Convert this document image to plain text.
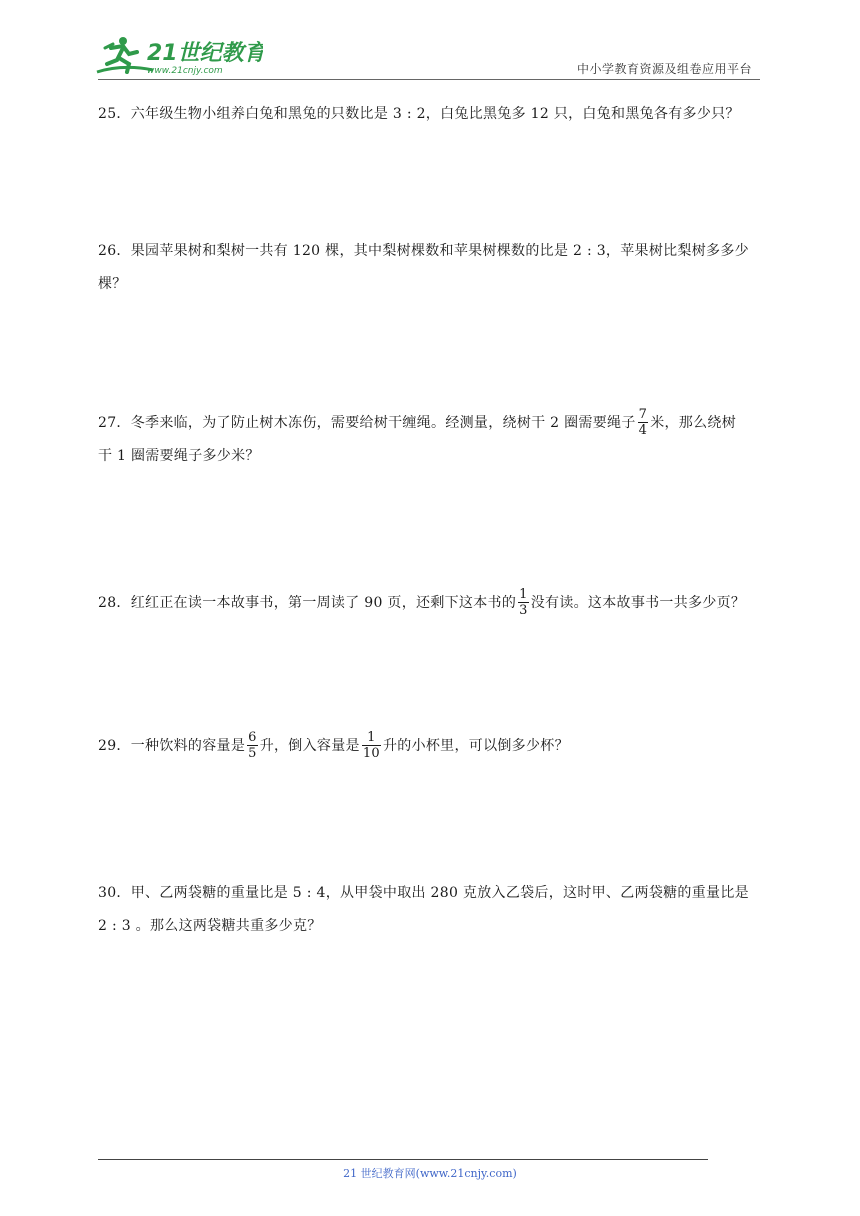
21世纪教育
www.21cnjy.com	中小学教育资源及组卷应用平台
25．六年级生物小组养白兔和黑兔的只数比是 3 : 2，白兔比黑兔多 12 只，白兔和黑兔各有多少只？
26．果园苹果树和梨树一共有 120 棵，其中梨树棵数和苹果树棵数的比是 2 : 3，苹果树比梨树多多少
棵？
27．冬季来临，为了防止树木冻伤，需要给树干缠绳。经测量，绕树干 2 圈需要绳子 $\frac{7}{4}$ 米，那么绕树
干 1 圈需要绳子多少米？
28．红红正在读一本故事书，第一周读了 90 页，还剩下这本书的 $\frac{1}{3}$ 没有读。这本故事书一共多少页？
29．一种饮料的容量是 $\frac{6}{5}$ 升，倒入容量是 $\frac{1}{10}$ 升的小杯里，可以倒多少杯？
30．甲、乙两袋糖的重量比是 5 : 4，从甲袋中取出 280 克放入乙袋后，这时甲、乙两袋糖的重量比是
2 : 3 。那么这两袋糖共重多少克？
21 世纪教育网(www.21cnjy.com)
